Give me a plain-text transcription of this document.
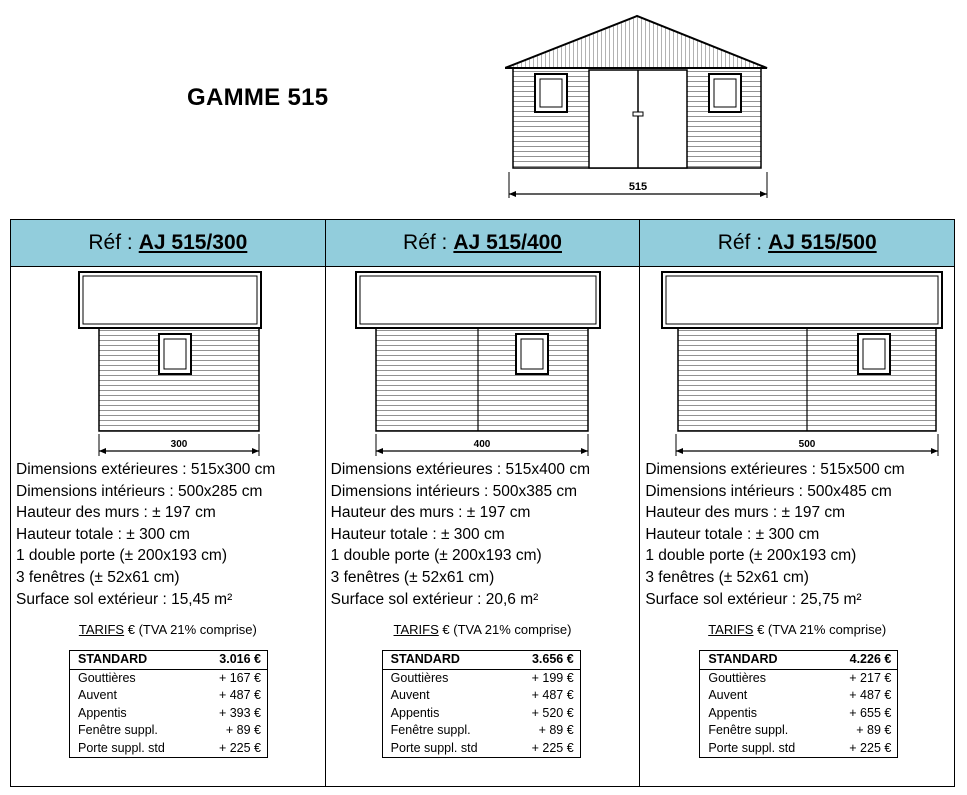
GAMME 515
515
Réf : AJ 515/300
300
Dimensions extérieures : 515x300 cm
Dimensions intérieurs : 500x285 cm
Hauteur des murs : ± 197 cm
Hauteur totale : ± 300 cm
1 double porte (± 200x193 cm)
3 fenêtres (± 52x61 cm)
Surface sol extérieur : 15,45 m²
TARIFS € (TVA 21% comprise)
STANDARD	3.016 €
Gouttières	+ 167 €
Auvent	+ 487 €
Appentis	+ 393 €
Fenêtre suppl.	+ 89 €
Porte suppl. std	+ 225 €
Réf : AJ 515/400
400
Dimensions extérieures : 515x400 cm
Dimensions intérieurs : 500x385 cm
Hauteur des murs : ± 197 cm
Hauteur totale : ± 300 cm
1 double porte (± 200x193 cm)
3 fenêtres (± 52x61 cm)
Surface sol extérieur : 20,6 m²
TARIFS € (TVA 21% comprise)
STANDARD	3.656 €
Gouttières	+ 199 €
Auvent	+ 487 €
Appentis	+ 520 €
Fenêtre suppl.	+ 89 €
Porte suppl. std	+ 225 €
Réf : AJ 515/500
500
Dimensions extérieures : 515x500 cm
Dimensions intérieurs : 500x485 cm
Hauteur des murs : ± 197 cm
Hauteur totale : ± 300 cm
1 double porte (± 200x193 cm)
3 fenêtres (± 52x61 cm)
Surface sol extérieur : 25,75 m²
TARIFS € (TVA 21% comprise)
STANDARD	4.226 €
Gouttières	+ 217 €
Auvent	+ 487 €
Appentis	+ 655 €
Fenêtre suppl.	+ 89 €
Porte suppl. std	+ 225 €
